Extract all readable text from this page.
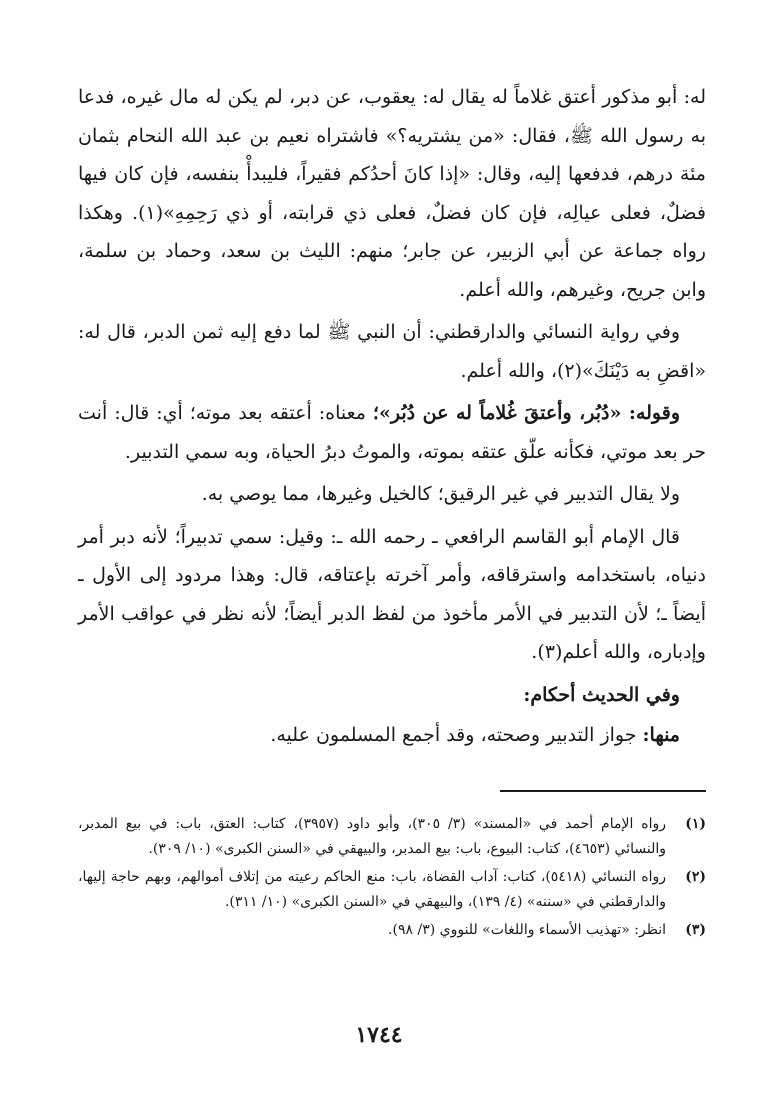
له: أبو مذكور أعتق غلاماً له يقال له: يعقوب، عن دبر، لم يكن له مال غيره، فدعا به رسول الله ﷺ، فقال: «من يشتريه؟» فاشتراه نعيم بن عبد الله النحام بثمان مئة درهم، فدفعها إليه، وقال: «إذا كانَ أحدُكم فقيراً، فليبدأْ بنفسه، فإن كان فيها فضلٌ، فعلى عيالِه، فإن كان فضلٌ، فعلى ذي قرابته، أو ذي رَحِمِهِ»(١). وهكذا رواه جماعة عن أبي الزبير، عن جابر؛ منهم: الليث بن سعد، وحماد بن سلمة، وابن جريح، وغيرهم، والله أعلم.

وفي رواية النسائي والدارقطني: أن النبي ﷺ لما دفع إليه ثمن الدبر، قال له: «اقضِ به دَيْنَكَ»(٢)، والله أعلم.

وقوله: «دُبُر، وأعتقَ غُلاماً له عن دُبُر»؛ معناه: أعتقه بعد موته؛ أي: قال: أنت حر بعد موتي، فكأنه علّق عتقه بموته، والموتُ دبرُ الحياة، وبه سمي التدبير.

ولا يقال التدبير في غير الرقيق؛ كالخيل وغيرها، مما يوصي به.

قال الإمام أبو القاسم الرافعي ـ رحمه الله ـ: وقيل: سمي تدبيراً؛ لأنه دبر أمر دنياه، باستخدامه واسترقاقه، وأمر آخرته بإعتاقه، قال: وهذا مردود إلى الأول ـ أيضاً ـ؛ لأن التدبير في الأمر مأخوذ من لفظ الدبر أيضاً؛ لأنه نظر في عواقب الأمر وإدباره، والله أعلم(٣).

وفي الحديث أحكام:

منها: جواز التدبير وصحته، وقد أجمع المسلمون عليه.

(١)
رواه الإمام أحمد في «المسند» (٣/ ٣٠٥)، وأبو داود (٣٩٥٧)، كتاب: العتق، باب: في بيع المدبر، والنسائي (٤٦٥٣)، كتاب: البيوع، باب: بيع المدبر، والبيهقي في «السنن الكبرى» (١٠/ ٣٠٩).
(٢)
رواه النسائي (٥٤١٨)، كتاب: آداب القضاة، باب: منع الحاكم رعيته من إتلاف أموالهم، وبهم حاجة إليها، والدارقطني في «سننه» (٤/ ١٣٩)، والبيهقي في «السنن الكبرى» (١٠/ ٣١١).
(٣)
انظر: «تهذيب الأسماء واللغات» للنووي (٣/ ٩٨).
١٧٤٤
